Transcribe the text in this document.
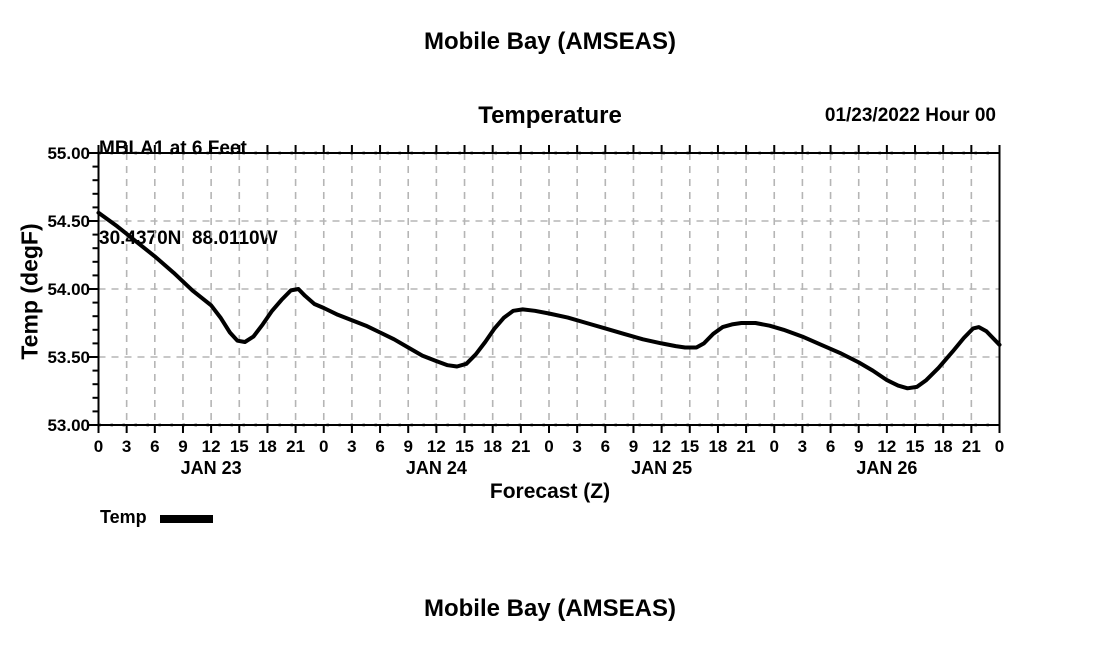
Mobile Bay (AMSEAS)

MBLA1 at 6 Feet

30.4370N  88.0110W

Temperature	01/23/2022 Hour 00
0 3 6 9 12 15 18 21 0 3 6 9 12 15 18 21 0 3 6 9 12 15 18 21 0 3 6 9 12 15 18 21 0
JAN 23	JAN 24	JAN 25	JAN 26
55.00
54.50
54.00
53.50
53.00
Temp (degF)
Forecast (Z)
Temp
Mobile Bay (AMSEAS)
